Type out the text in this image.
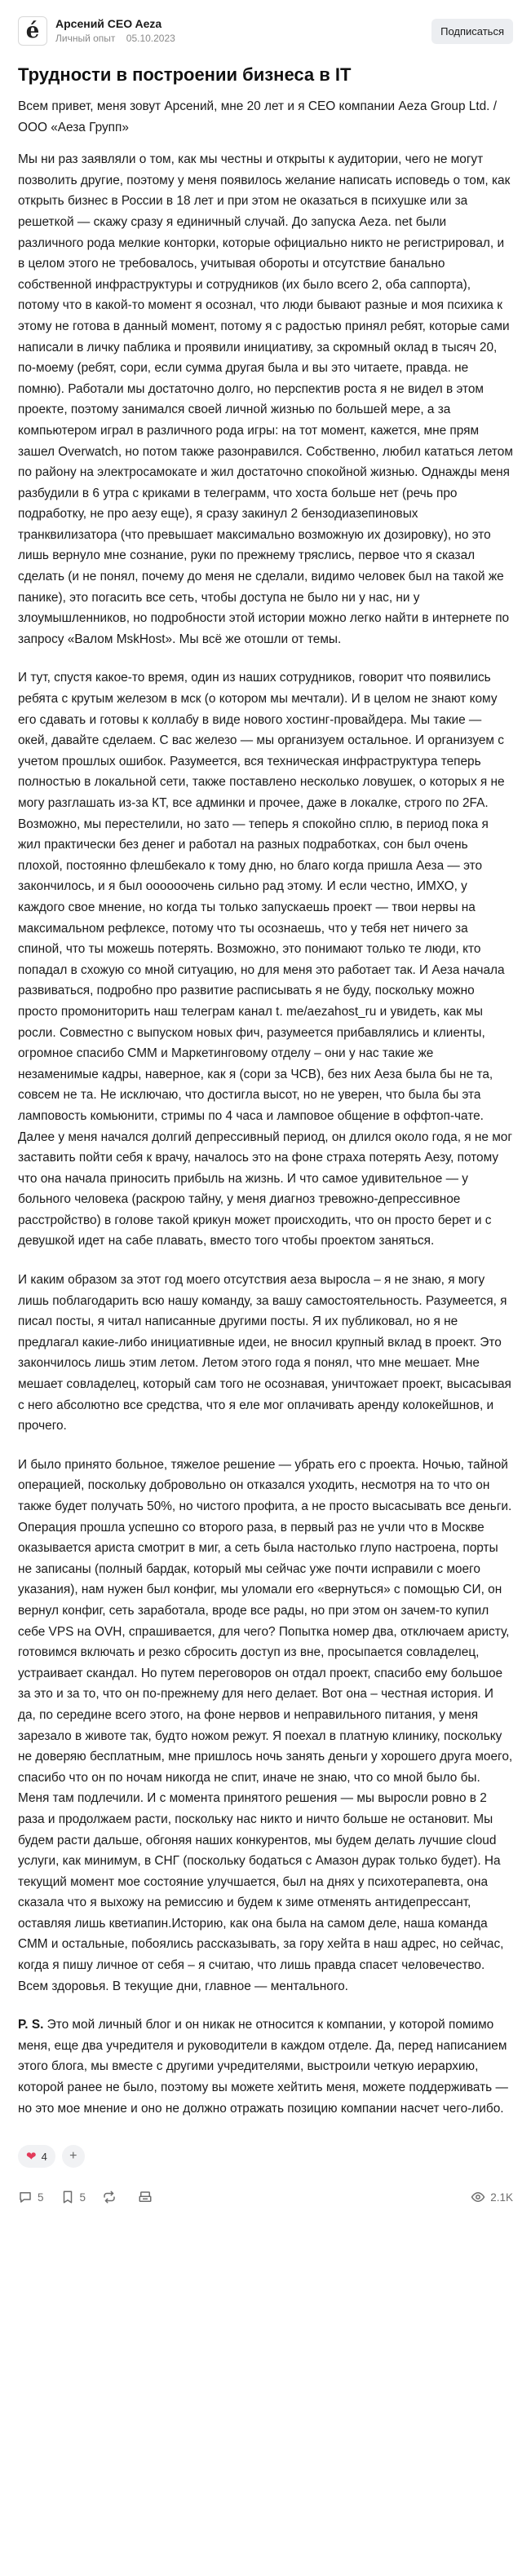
é	Арсений CEO Aeza
Личный опыт 05.10.2023
Подписаться
Трудности в построении бизнеса в IT

Всем привет, меня зовут Арсений, мне 20 лет и я CEO компании Aeza Group Ltd. / ООО «Аеза Групп»

Мы ни раз заявляли о том, как мы честны и открыты к аудитории, чего не могут позволить другие, поэтому у меня появилось желание написать исповедь о том, как открыть бизнес в России в 18 лет и при этом не оказаться в психушке или за решеткой — скажу сразу я единичный случай. До запуска Aeza. net были различного рода мелкие конторки, которые официально никто не регистрировал, и в целом этого не требовалось, учитывая обороты и отсутствие банально собственной инфраструктуры и сотрудников (их было всего 2, оба саппорта), потому что в какой-то момент я осознал, что люди бывают разные и моя психика к этому не готова в данный момент, потому я с радостью принял ребят, которые сами написали в личку паблика и проявили инициативу, за скромный оклад в тысяч 20, по-моему (ребят, сори, если сумма другая была и вы это читаете, правда. не помню). Работали мы достаточно долго, но перспектив роста я не видел в этом проекте, поэтому занимался своей личной жизнью по большей мере, а за компьютером играл в различного рода игры: на тот момент, кажется, мне прям зашел Overwatch, но потом также разонравился. Собственно, любил кататься летом по району на электросамокате и жил достаточно спокойной жизнью. Однажды меня разбудили в 6 утра с криками в телеграмм, что хоста больше нет (речь про подработку, не про аезу еще), я сразу закинул 2 бензодиазепиновых транквилизатора (что превышает максимально возможную их дозировку), но это лишь вернуло мне сознание, руки по прежнему тряслись, первое что я сказал сделать (и не понял, почему до меня не сделали, видимо человек был на такой же панике), это погасить все сеть, чтобы доступа не было ни у нас, ни у злоумышленников, но подробности этой истории можно легко найти в интернете по запросу «Валом MskHost». Мы всё же отошли от темы.

И тут, спустя какое-то время, один из наших сотрудников, говорит что появились ребята с крутым железом в мск (о котором мы мечтали). И в целом не знают кому его сдавать и готовы к коллабу в виде нового хостинг-провайдера. Мы такие — окей, давайте сделаем. С вас железо — мы организуем остальное. И организуем с учетом прошлых ошибок. Разумеется, вся техническая инфраструктура теперь полностью в локальной сети, также поставлено несколько ловушек, о которых я не могу разглашать из-за КТ, все админки и прочее, даже в локалке, строго по 2FA. Возможно, мы перестелили, но зато — теперь я спокойно сплю, в период пока я жил практически без денег и работал на разных подработках, сон был очень плохой, постоянно флешбекало к тому дню, но благо когда пришла Аеза — это закончилось, и я был оооооочень сильно рад этому. И если честно, ИМХО, у каждого свое мнение, но когда ты только запускаешь проект — твои нервы на максимальном рефлексе, потому что ты осознаешь, что у тебя нет ничего за спиной, что ты можешь потерять. Возможно, это понимают только те люди, кто попадал в схожую со мной ситуацию, но для меня это работает так. И Аеза начала развиваться, подробно про развитие расписывать я не буду, поскольку можно просто промониторить наш телеграм канал t. me/aezahost_ru и увидеть, как мы росли. Совместно с выпуском новых фич, разумеется прибавлялись и клиенты, огромное спасибо СММ и Маркетинговому отделу – они у нас такие же незаменимые кадры, наверное, как я (сори за ЧСВ), без них Аеза была бы не та, совсем не та. Не исключаю, что достигла высот, но не уверен, что была бы эта ламповость комьюнити, стримы по 4 часа и ламповое общение в оффтоп-чате. Далее у меня начался долгий депрессивный период, он длился около года, я не мог заставить пойти себя к врачу, началось это на фоне страха потерять Аезу, потому что она начала приносить прибыль на жизнь. И что самое удивительное — у больного человека (раскрою тайну, у меня диагноз тревожно-депрессивное расстройство) в голове такой крикун может происходить, что он просто берет и с девушкой идет на сабе плавать, вместо того чтобы проектом заняться.

И каким образом за этот год моего отсутствия аеза выросла – я не знаю, я могу лишь поблагодарить всю нашу команду, за вашу самостоятельность. Разумеется, я писал посты, я читал написанные другими посты. Я их публиковал, но я не предлагал какие-либо инициативные идеи, не вносил крупный вклад в проект. Это закончилось лишь этим летом. Летом этого года я понял, что мне мешает. Мне мешает совладелец, который сам того не осознавая, уничтожает проект, высасывая с него абсолютно все средства, что я еле мог оплачивать аренду колокейшнов, и прочего.

И было принято больное, тяжелое решение — убрать его с проекта. Ночью, тайной операцией, поскольку добровольно он отказался уходить, несмотря на то что он также будет получать 50%, но чистого профита, а не просто высасывать все деньги. Операция прошла успешно со второго раза, в первый раз не учли что в Москве оказывается ариста смотрит в миг, а сеть была настолько глупо настроена, порты не записаны (полный бардак, который мы сейчас уже почти исправили с моего указания), нам нужен был конфиг, мы уломали его «вернуться» с помощью СИ, он вернул конфиг, сеть заработала, вроде все рады, но при этом он зачем-то купил себе VPS на OVH, спрашивается, для чего? Попытка номер два, отключаем аристу, готовимся включать и резко сбросить доступ из вне, просыпается совладелец, устраивает скандал. Но путем переговоров он отдал проект, спасибо ему большое за это и за то, что он по-прежнему для него делает. Вот она – честная история. И да, по середине всего этого, на фоне нервов и неправильного питания, у меня зарезало в животе так, будто ножом режут. Я поехал в платную клинику, поскольку не доверяю бесплатным, мне пришлось ночь занять деньги у хорошего друга моего, спасибо что он по ночам никогда не спит, иначе не знаю, что со мной было бы. Меня там подлечили. И с момента принятого решения — мы выросли ровно в 2 раза и продолжаем расти, поскольку нас никто и ничто больше не остановит. Мы будем расти дальше, обгоняя наших конкурентов, мы будем делать лучшие cloud услуги, как минимум, в СНГ (поскольку бодаться с Амазон дурак только будет). На текущий момент мое состояние улучшается, был на днях у психотерапевта, она сказала что я выхожу на ремиссию и будем к зиме отменять антидепрессант, оставляя лишь кветиапин.Историю, как она была на самом деле, наша команда СММ и остальные, побоялись рассказывать, за гору хейта в наш адрес, но сейчас, когда я пишу личное от себя – я считаю, что лишь правда спасет человечество. Всем здоровья. В текущие дни, главное — ментального.

P. S. Это мой личный блог и он никак не относится к компании, у которой помимо меня, еще два учредителя и руководители в каждом отделе. Да, перед написанием этого блога, мы вместе с другими учредителями, выстроили четкую иерархию, которой ранее не было, поэтому вы можете хейтить меня, можете поддерживать — но это мое мнение и оно не должно отражать позицию компании насчет чего-либо.

❤ 4	+
5	5	2.1K
